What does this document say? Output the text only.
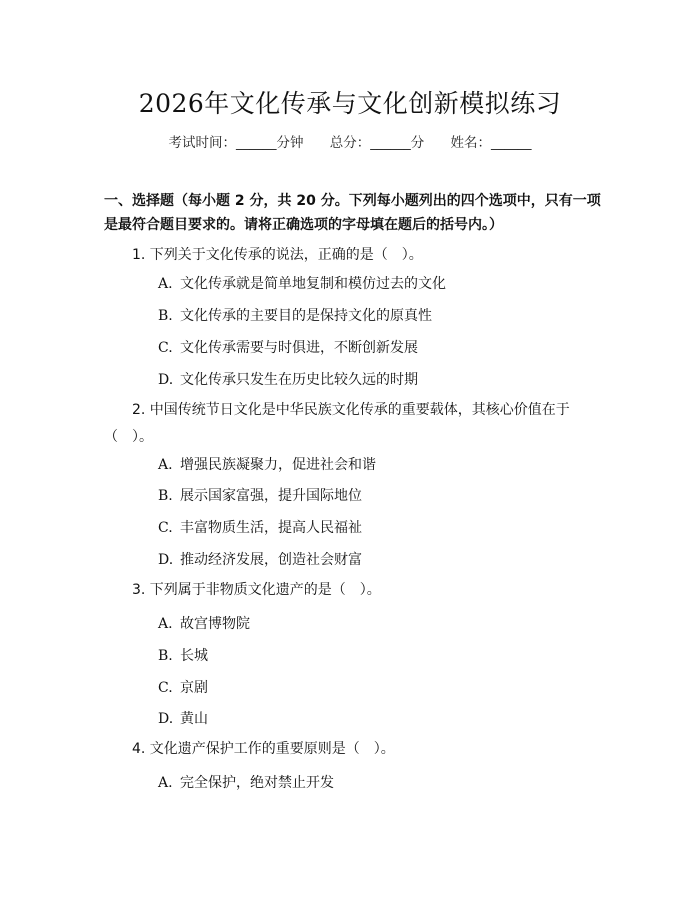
2026年文化传承与文化创新模拟练习
考试时间：______分钟 总分：______分 姓名：______
一、选择题（每小题 2 分，共 20 分。下列每小题列出的四个选项中，只有一项是最符合题目要求的。请将正确选项的字母填在题后的括号内。）
1. 下列关于文化传承的说法，正确的是（　）。
A. 文化传承就是简单地复制和模仿过去的文化
B. 文化传承的主要目的是保持文化的原真性
C. 文化传承需要与时俱进，不断创新发展
D. 文化传承只发生在历史比较久远的时期
2. 中国传统节日文化是中华民族文化传承的重要载体，其核心价值在于（　）。
A. 增强民族凝聚力，促进社会和谐
B. 展示国家富强，提升国际地位
C. 丰富物质生活，提高人民福祉
D. 推动经济发展，创造社会财富
3. 下列属于非物质文化遗产的是（　）。
A. 故宫博物院
B. 长城
C. 京剧
D. 黄山
4. 文化遗产保护工作的重要原则是（　）。
A. 完全保护，绝对禁止开发
